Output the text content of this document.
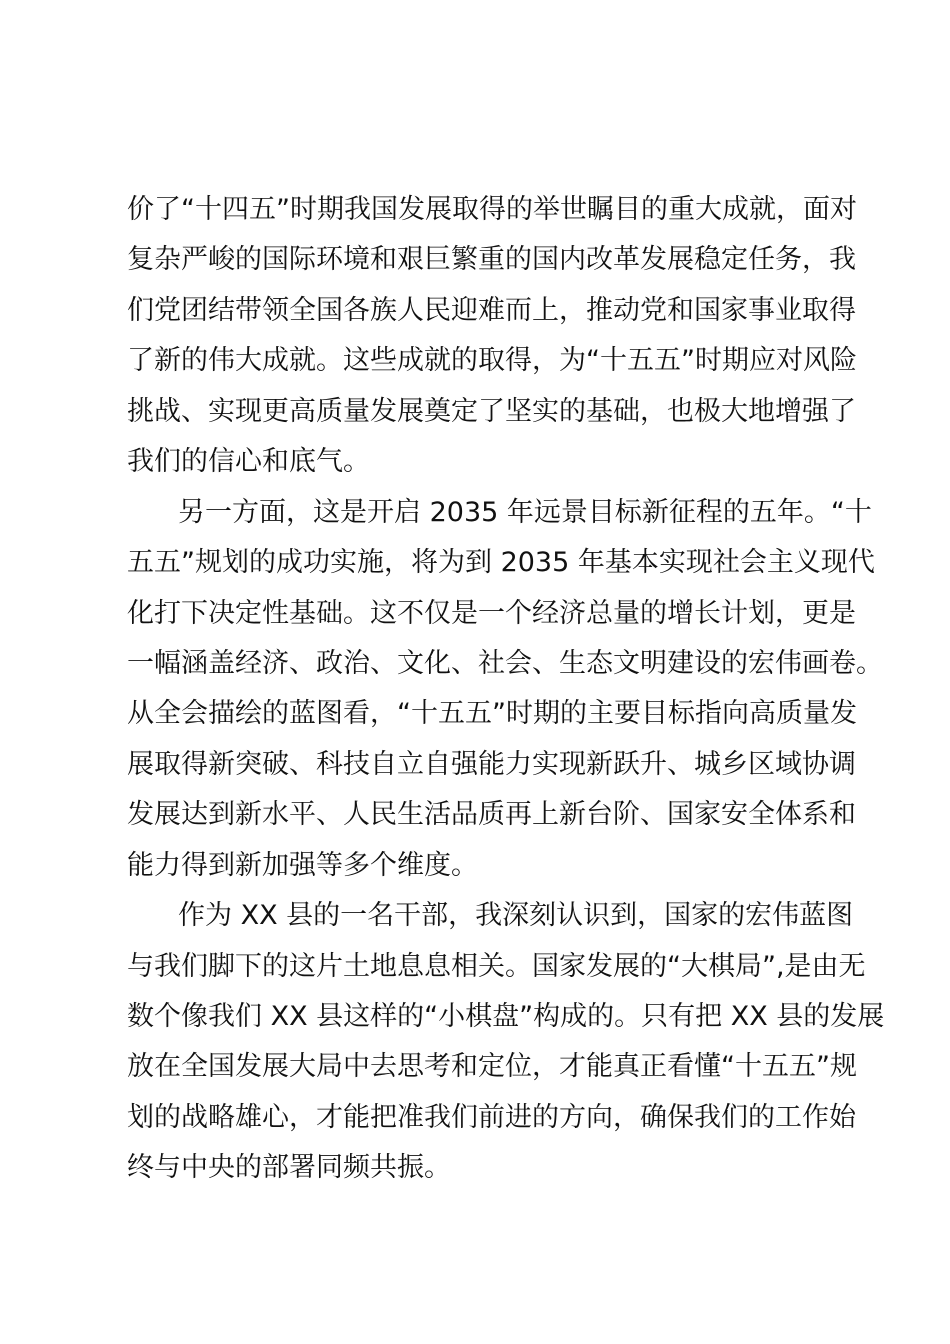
价了“十四五”时期我国发展取得的举世瞩目的重大成就，面对
复杂严峻的国际环境和艰巨繁重的国内改革发展稳定任务，我
们党团结带领全国各族人民迎难而上，推动党和国家事业取得
了新的伟大成就。这些成就的取得，为“十五五”时期应对风险
挑战、实现更高质量发展奠定了坚实的基础，也极大地增强了
我们的信心和底气。
另一方面，这是开启 2035 年远景目标新征程的五年。“十
五五”规划的成功实施，将为到 2035 年基本实现社会主义现代
化打下决定性基础。这不仅是一个经济总量的增长计划，更是
一幅涵盖经济、政治、文化、社会、生态文明建设的宏伟画卷。
从全会描绘的蓝图看，“十五五”时期的主要目标指向高质量发
展取得新突破、科技自立自强能力实现新跃升、城乡区域协调
发展达到新水平、人民生活品质再上新台阶、国家安全体系和
能力得到新加强等多个维度。
作为 XX 县的一名干部，我深刻认识到，国家的宏伟蓝图
与我们脚下的这片土地息息相关。国家发展的“大棋局”,是由无
数个像我们 XX 县这样的“小棋盘”构成的。只有把 XX 县的发展
放在全国发展大局中去思考和定位，才能真正看懂“十五五”规
划的战略雄心，才能把准我们前进的方向，确保我们的工作始
终与中央的部署同频共振。
